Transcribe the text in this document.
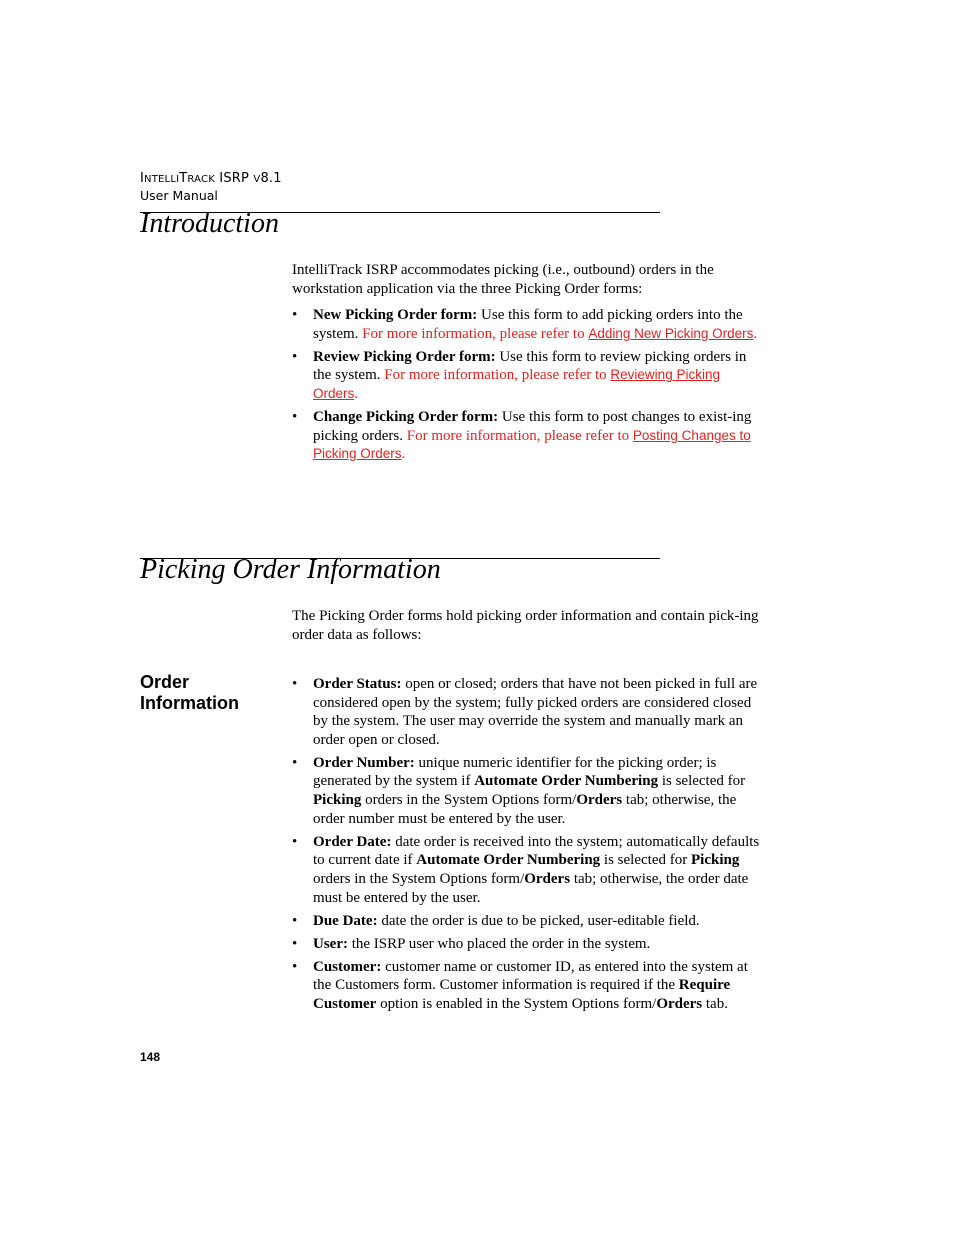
INTELLITRACK ISRP V8.1
User Manual
Introduction

IntelliTrack ISRP accommodates picking (i.e., outbound) orders in the workstation application via the three Picking Order forms:

• New Picking Order form: Use this form to add picking orders into the system. For more information, please refer to Adding New Picking Orders.
• Review Picking Order form: Use this form to review picking orders in the system. For more information, please refer to Reviewing Picking Orders.
• Change Picking Order form: Use this form to post changes to exist-ing picking orders. For more information, please refer to Posting Changes to Picking Orders.
Picking Order Information

The Picking Order forms hold picking order information and contain pick-ing order data as follows:

Order Information
• Order Status: open or closed; orders that have not been picked in full are considered open by the system; fully picked orders are considered closed by the system. The user may override the system and manually mark an order open or closed.
• Order Number: unique numeric identifier for the picking order; is generated by the system if Automate Order Numbering is selected for Picking orders in the System Options form/Orders tab; otherwise, the order number must be entered by the user.
• Order Date: date order is received into the system; automatically defaults to current date if Automate Order Numbering is selected for Picking orders in the System Options form/Orders tab; otherwise, the order date must be entered by the user.
• Due Date: date the order is due to be picked, user-editable field.
• User: the ISRP user who placed the order in the system.
• Customer: customer name or customer ID, as entered into the system at the Customers form. Customer information is required if the Require Customer option is enabled in the System Options form/Orders tab.
148
